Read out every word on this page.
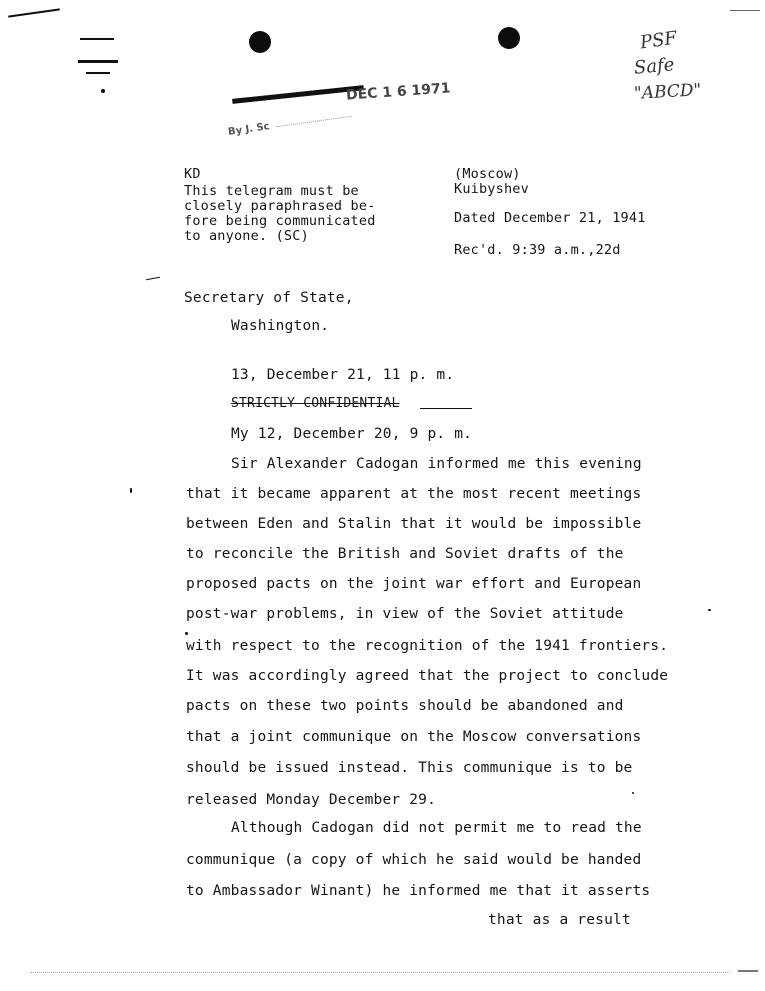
DEC 1 6 1971
By J. Sc
PSF
Safe
"ABCD"
KD
This telegram must be
closely paraphrased be-
fore being communicated
to anyone. (SC)
(Moscow)
Kuibyshev
Dated December 21, 1941
Rec'd. 9:39 a.m.,22d
Secretary of State,
Washington.
13, December 21, 11 p. m.
STRICTLY CONFIDENTIAL
My 12, December 20, 9 p. m.
Sir Alexander Cadogan informed me this evening
that it became apparent at the most recent meetings
between Eden and Stalin that it would be impossible
to reconcile the British and Soviet drafts of the
proposed pacts on the joint war effort and European
post-war problems, in view of the Soviet attitude
with respect to the recognition of the 1941 frontiers.
It was accordingly agreed that the project to conclude
pacts on these two points should be abandoned and
that a joint communique on the Moscow conversations
should be issued instead. This communique is to be
released Monday December 29.
Although Cadogan did not permit me to read the
communique (a copy of which he said would be handed
to Ambassador Winant) he informed me that it asserts
that as a result
